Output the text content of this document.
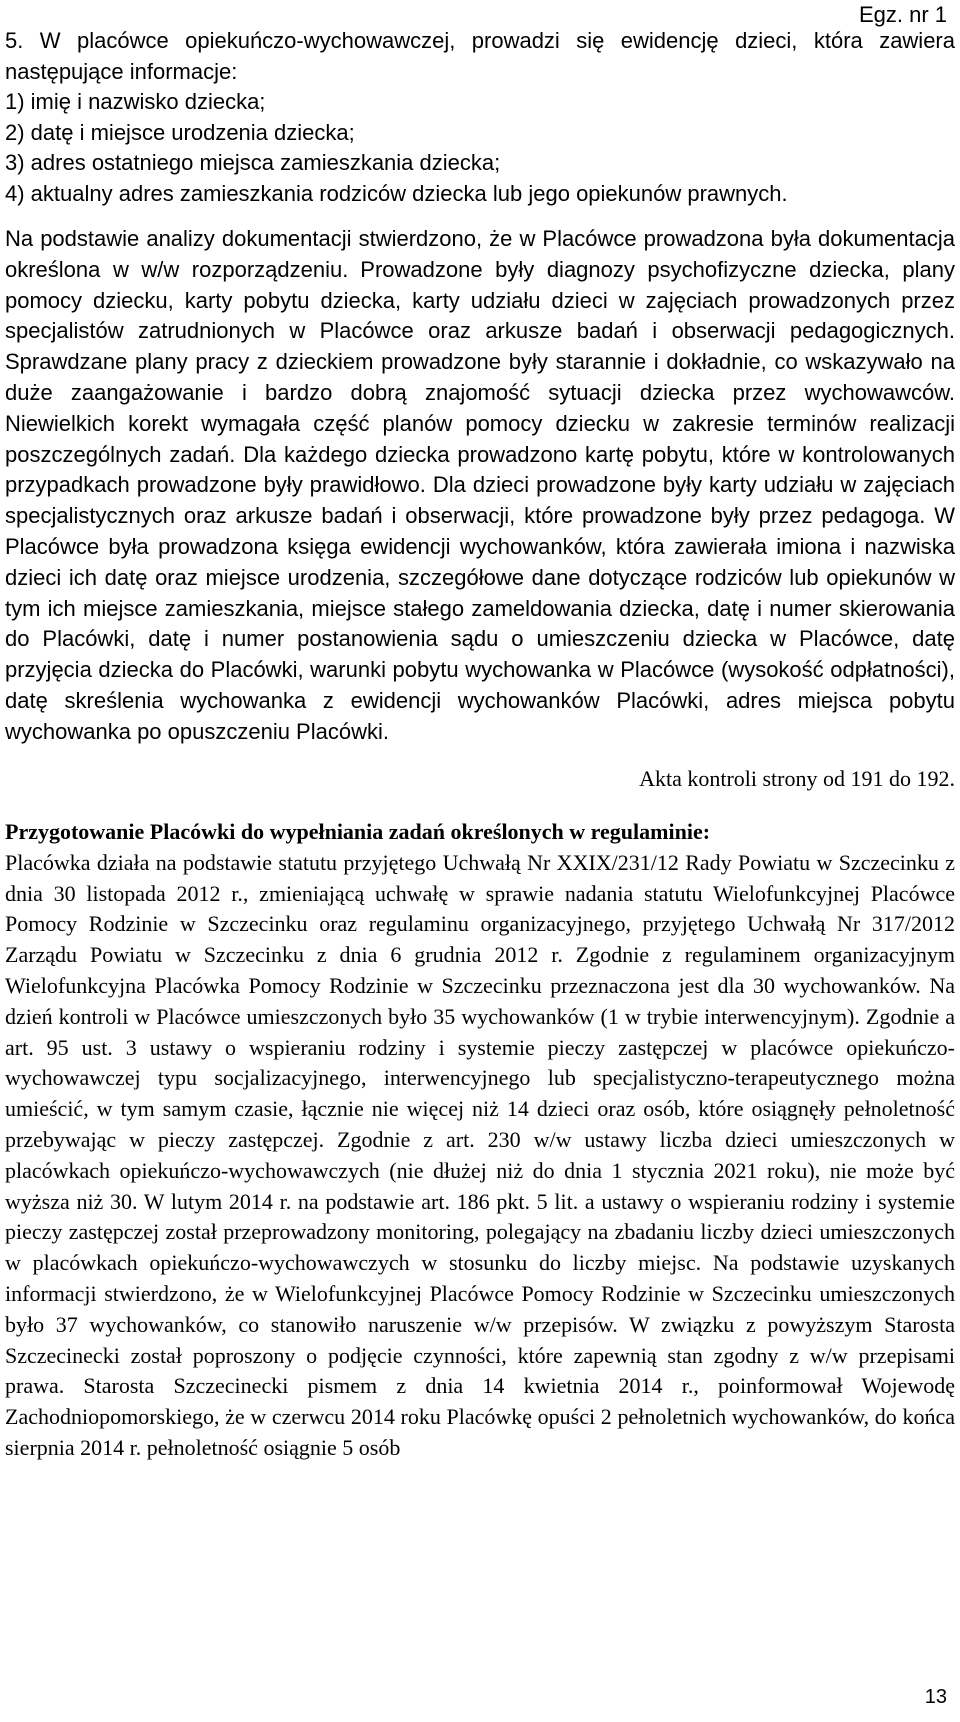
Egz. nr 1
5. W placówce opiekuńczo-wychowawczej, prowadzi się ewidencję dzieci, która zawiera następujące informacje:
1) imię i nazwisko dziecka;
2) datę i miejsce urodzenia dziecka;
3) adres ostatniego miejsca zamieszkania dziecka;
4) aktualny adres zamieszkania rodziców dziecka lub jego opiekunów prawnych.
Na podstawie analizy dokumentacji stwierdzono, że w Placówce prowadzona była dokumentacja określona w w/w rozporządzeniu. Prowadzone były diagnozy psychofizyczne dziecka, plany pomocy dziecku, karty pobytu dziecka, karty udziału dzieci w zajęciach prowadzonych przez specjalistów zatrudnionych w Placówce oraz arkusze badań i obserwacji pedagogicznych. Sprawdzane plany pracy z dzieckiem prowadzone były starannie i dokładnie, co wskazywało na duże zaangażowanie i bardzo dobrą znajomość sytuacji dziecka przez wychowawców. Niewielkich korekt wymagała część planów pomocy dziecku w zakresie terminów realizacji poszczególnych zadań. Dla każdego dziecka prowadzono kartę pobytu, które w kontrolowanych przypadkach prowadzone były prawidłowo. Dla dzieci prowadzone były karty udziału w zajęciach specjalistycznych oraz arkusze badań i obserwacji, które prowadzone były przez pedagoga. W Placówce była prowadzona księga ewidencji wychowanków, która zawierała imiona i nazwiska dzieci ich datę oraz miejsce urodzenia, szczegółowe dane dotyczące rodziców lub opiekunów w tym ich miejsce zamieszkania, miejsce stałego zameldowania dziecka, datę i numer skierowania do Placówki, datę i numer postanowienia sądu o umieszczeniu dziecka w Placówce, datę przyjęcia dziecka do Placówki, warunki pobytu wychowanka w Placówce (wysokość odpłatności), datę skreślenia wychowanka z ewidencji wychowanków Placówki, adres miejsca pobytu wychowanka po opuszczeniu Placówki.
Akta kontroli strony od 191 do 192.
Przygotowanie Placówki do wypełniania zadań określonych w regulaminie:
Placówka działa na podstawie statutu przyjętego Uchwałą Nr XXIX/231/12 Rady Powiatu w Szczecinku z dnia 30 listopada 2012 r., zmieniającą uchwałę w sprawie nadania statutu Wielofunkcyjnej Placówce Pomocy Rodzinie w Szczecinku oraz regulaminu organizacyjnego, przyjętego Uchwałą Nr 317/2012 Zarządu Powiatu w Szczecinku z dnia 6 grudnia 2012 r. Zgodnie z regulaminem organizacyjnym Wielofunkcyjna Placówka Pomocy Rodzinie w Szczecinku przeznaczona jest dla 30 wychowanków. Na dzień kontroli w Placówce umieszczonych było 35 wychowanków (1 w trybie interwencyjnym). Zgodnie a art. 95 ust. 3 ustawy o wspieraniu rodziny i systemie pieczy zastępczej w placówce opiekuńczo-wychowawczej typu socjalizacyjnego, interwencyjnego lub specjalistyczno-terapeutycznego można umieścić, w tym samym czasie, łącznie nie więcej niż 14 dzieci oraz osób, które osiągnęły pełnoletność przebywając w pieczy zastępczej. Zgodnie z art. 230 w/w ustawy liczba dzieci umieszczonych w placówkach opiekuńczo-wychowawczych (nie dłużej niż do dnia 1 stycznia 2021 roku), nie może być wyższa niż 30. W lutym 2014 r. na podstawie art. 186 pkt. 5 lit. a ustawy o wspieraniu rodziny i systemie pieczy zastępczej został przeprowadzony monitoring, polegający na zbadaniu liczby dzieci umieszczonych w placówkach opiekuńczo-wychowawczych w stosunku do liczby miejsc. Na podstawie uzyskanych informacji stwierdzono, że w Wielofunkcyjnej Placówce Pomocy Rodzinie w Szczecinku umieszczonych było 37 wychowanków, co stanowiło naruszenie w/w przepisów. W związku z powyższym Starosta Szczecinecki został poproszony o podjęcie czynności, które zapewnią stan zgodny z w/w przepisami prawa. Starosta Szczecinecki pismem z dnia 14 kwietnia 2014 r., poinformował Wojewodę Zachodniopomorskiego, że w czerwcu 2014 roku Placówkę opuści 2 pełnoletnich wychowanków, do końca sierpnia 2014 r. pełnoletność osiągnie 5 osób
13
